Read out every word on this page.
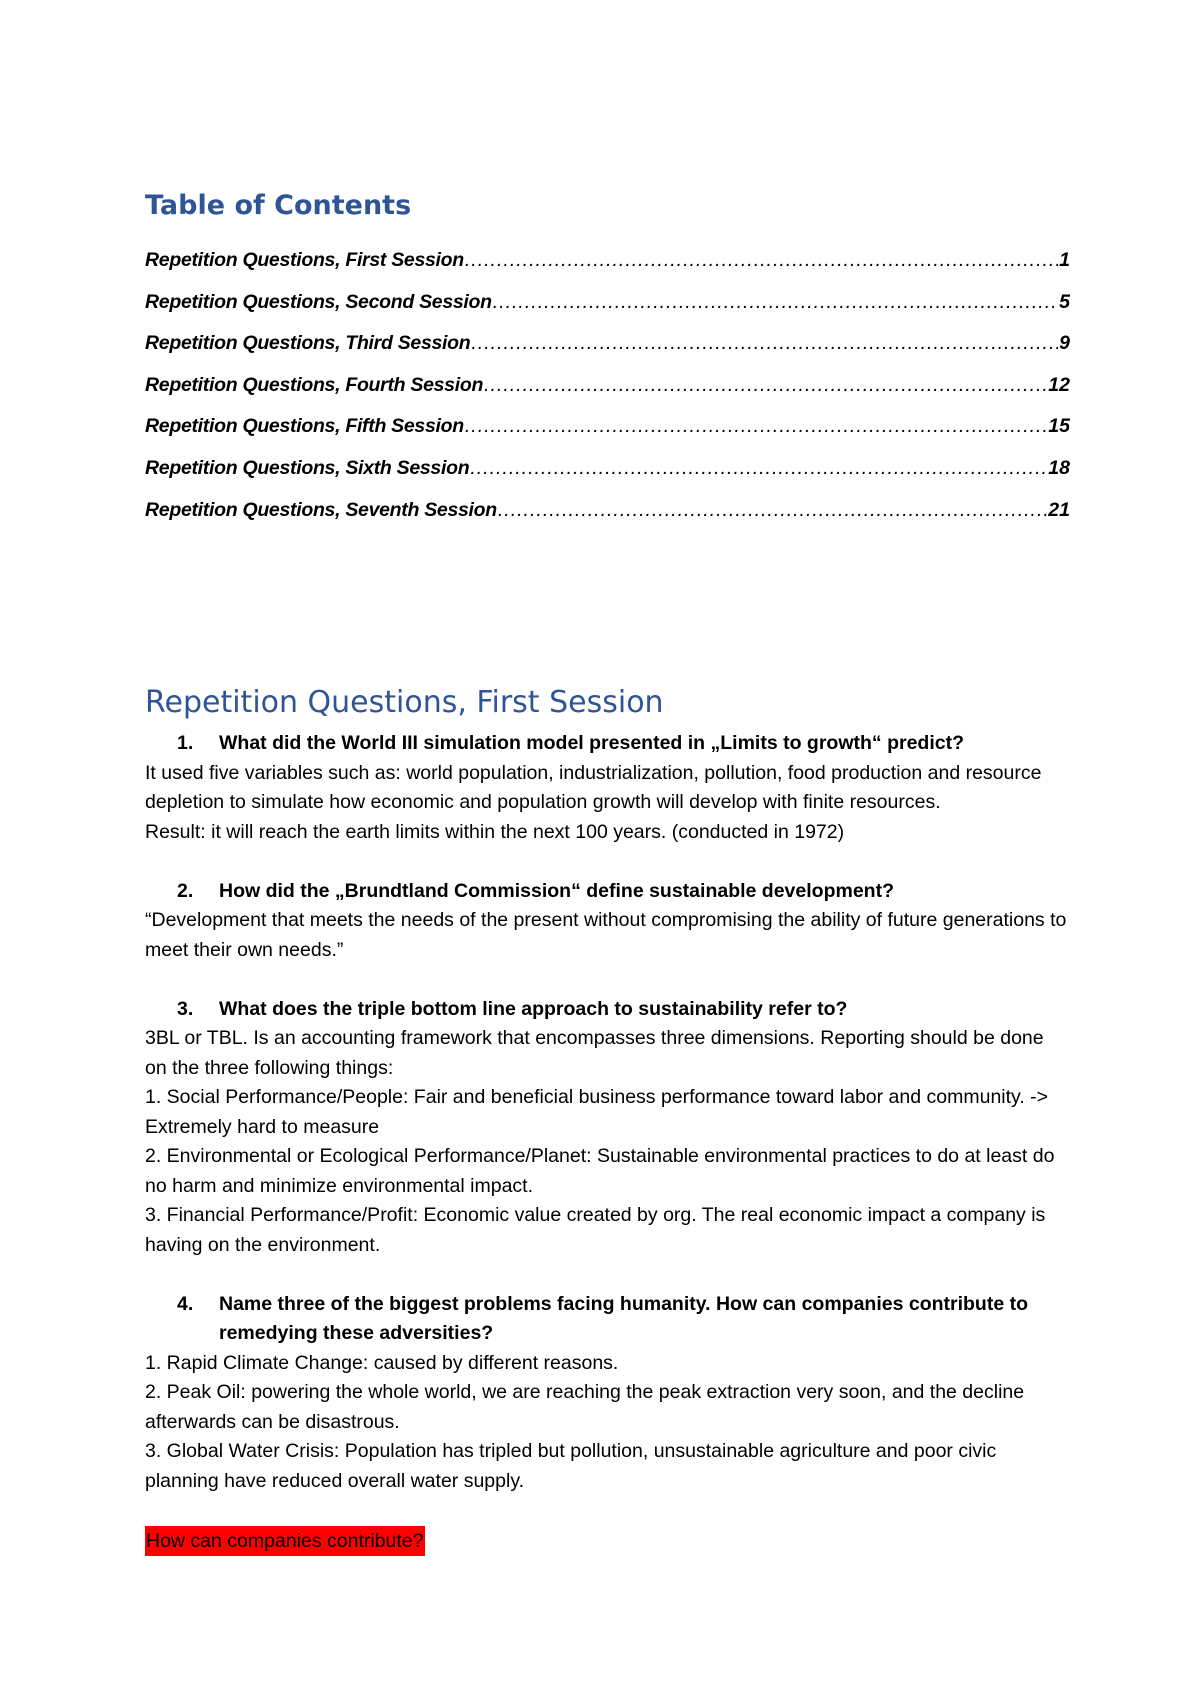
Table of Contents
Repetition Questions, First Session .....	1
Repetition Questions, Second Session .....	5
Repetition Questions, Third Session .....	9
Repetition Questions, Fourth Session .....	12
Repetition Questions, Fifth Session .....	15
Repetition Questions, Sixth Session .....	18
Repetition Questions, Seventh Session .....	21
Repetition Questions, First Session
1.	What did the World III simulation model presented in „Limits to growth“ predict?

It used five variables such as: world population, industrialization, pollution, food production and resource depletion to simulate how economic and population growth will develop with finite resources.

Result: it will reach the earth limits within the next 100 years. (conducted in 1972)

2.	How did the „Brundtland Commission“ define sustainable development?

“Development that meets the needs of the present without compromising the ability of future generations to meet their own needs.”

3.	What does the triple bottom line approach to sustainability refer to?

3BL or TBL. Is an accounting framework that encompasses three dimensions. Reporting should be done on the three following things:

1. Social Performance/People: Fair and beneficial business performance toward labor and community. -> Extremely hard to measure

2. Environmental or Ecological Performance/Planet: Sustainable environmental practices to do at least do no harm and minimize environmental impact.

3. Financial Performance/Profit: Economic value created by org. The real economic impact a company is having on the environment.

4.	Name three of the biggest problems facing humanity. How can companies contribute to remedying these adversities?

1. Rapid Climate Change: caused by different reasons.

2. Peak Oil: powering the whole world, we are reaching the peak extraction very soon, and the decline afterwards can be disastrous.

3. Global Water Crisis: Population has tripled but pollution, unsustainable agriculture and poor civic planning have reduced overall water supply.

How can companies contribute?
